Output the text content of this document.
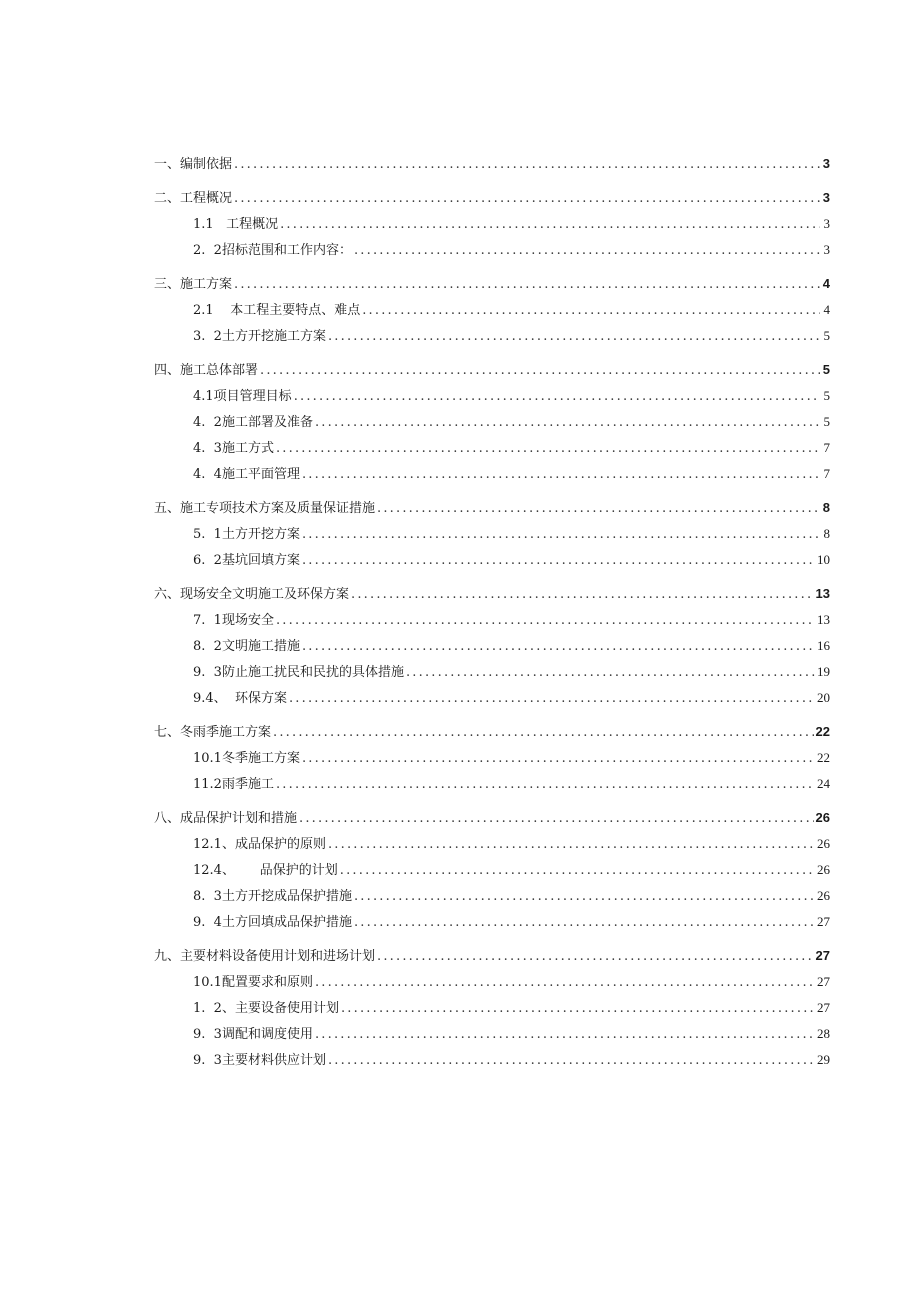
一、编制依据 .....	3
二、工程概况 .....	3
1.1   工程概况 .....	3
2.  2招标范围和工作内容： .....	3
三、施工方案 .....	4
2.1    本工程主要特点、难点 .....	4
3.  2土方开挖施工方案 .....	5
四、施工总体部署 .....	5
4.1项目管理目标 .....	5
4.  2施工部署及准备 .....	5
4.  3施工方式 .....	7
4.  4施工平面管理 .....	7
五、施工专项技术方案及质量保证措施 .....	8
5.  1土方开挖方案 .....	8
6.  2基坑回填方案 .....	10
六、现场安全文明施工及环保方案 .....	13
7.  1现场安全 .....	13
8.  2文明施工措施 .....	16
9.  3防止施工扰民和民扰的具体措施 .....	19
9.4、  环保方案 .....	20
七、冬雨季施工方案 .....	22
10.1冬季施工方案 .....	22
11.2雨季施工 .....	24
八、成品保护计划和措施 .....	26
12.1、成品保护的原则 .....	26
12.4、      品保护的计划 .....	26
8.  3土方开挖成品保护措施 .....	26
9.  4土方回填成品保护措施 .....	27
九、主要材料设备使用计划和进场计划 .....	27
10.1配置要求和原则 .....	27
1.  2、主要设备使用计划 .....	27
9.  3调配和调度使用 .....	28
9.  3主要材料供应计划 .....	29
